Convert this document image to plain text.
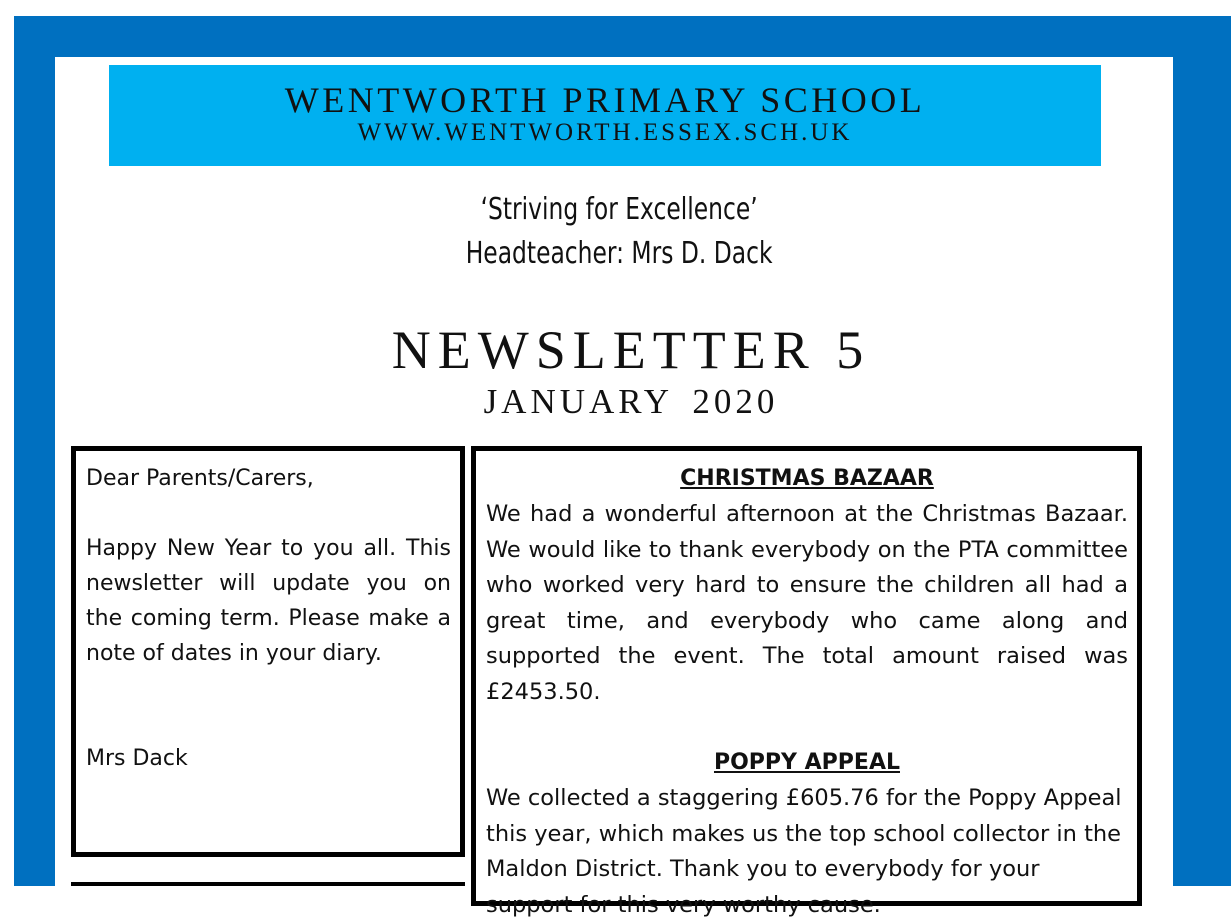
WENTWORTH PRIMARY SCHOOL
WWW.WENTWORTH.ESSEX.SCH.UK
‘Striving for Excellence’
Headteacher: Mrs D. Dack
NEWSLETTER 5
JANUARY 2020

Dear Parents/Carers,

Happy New Year to you all. This newsletter will update you on the coming term. Please make a note of dates in your diary.

Mrs Dack

CHRISTMAS BAZAAR

We had a wonderful afternoon at the Christmas Bazaar. We would like to thank everybody on the PTA committee who worked very hard to ensure the children all had a great time, and everybody who came along and supported the event. The total amount raised was £2453.50.

POPPY APPEAL

We collected a staggering £605.76 for the Poppy Appeal this year, which makes us the top school collector in the Maldon District. Thank you to everybody for your support for this very worthy cause.
